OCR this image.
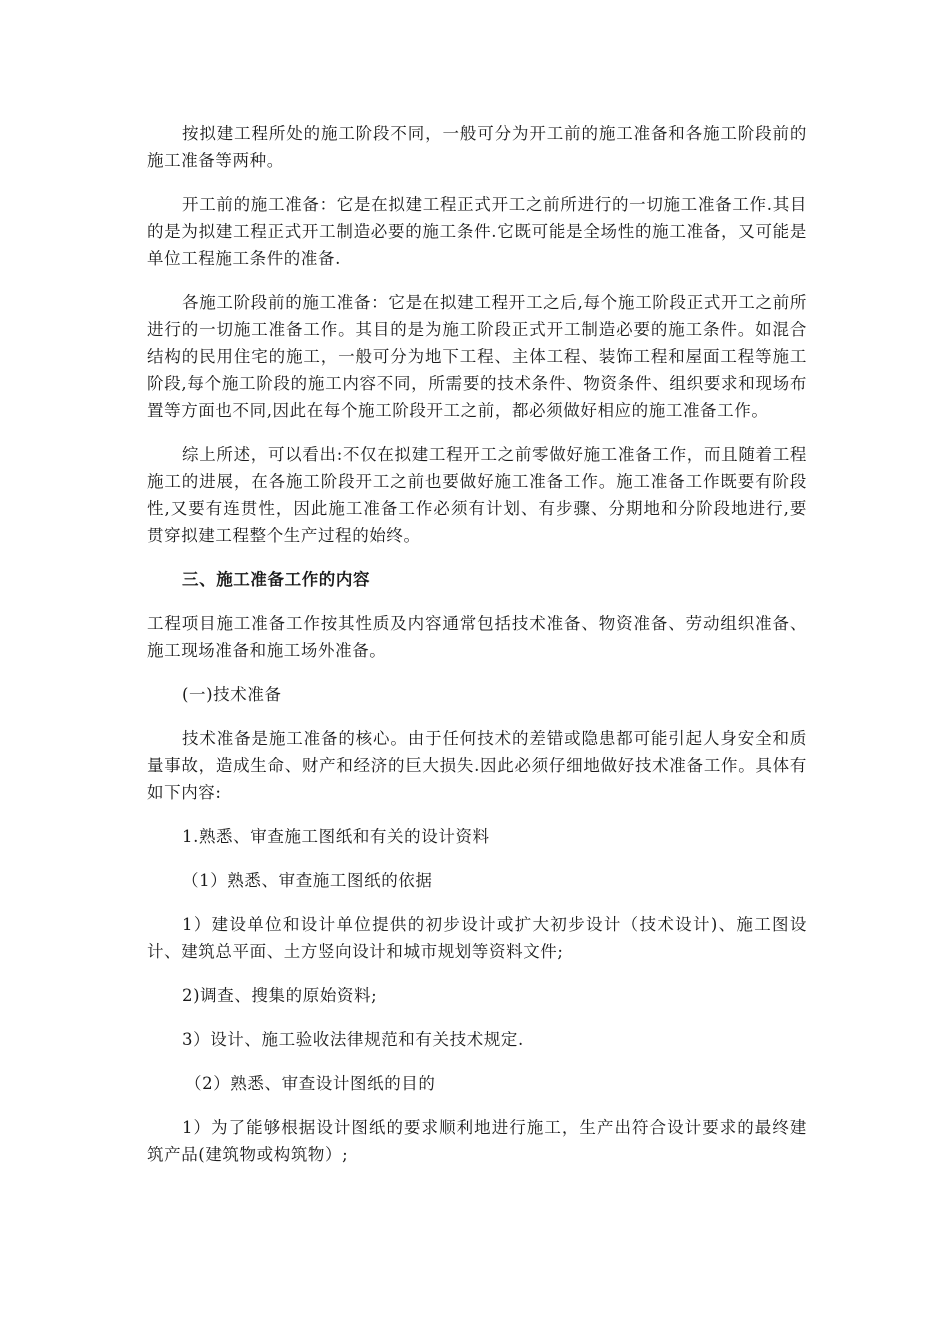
按拟建工程所处的施工阶段不同，一般可分为开工前的施工准备和各施工阶段前的施工准备等两种。

开工前的施工准备：它是在拟建工程正式开工之前所进行的一切施工准备工作.其目的是为拟建工程正式开工制造必要的施工条件.它既可能是全场性的施工准备，又可能是单位工程施工条件的准备.

各施工阶段前的施工准备：它是在拟建工程开工之后,每个施工阶段正式开工之前所进行的一切施工准备工作。其目的是为施工阶段正式开工制造必要的施工条件。如混合结构的民用住宅的施工，一般可分为地下工程、主体工程、装饰工程和屋面工程等施工阶段,每个施工阶段的施工内容不同，所需要的技术条件、物资条件、组织要求和现场布置等方面也不同,因此在每个施工阶段开工之前，都必须做好相应的施工准备工作。

综上所述，可以看出:不仅在拟建工程开工之前零做好施工准备工作，而且随着工程施工的进展，在各施工阶段开工之前也要做好施工准备工作。施工准备工作既要有阶段性,又要有连贯性，因此施工准备工作必须有计划、有步骤、分期地和分阶段地进行,要贯穿拟建工程整个生产过程的始终。

三、施工准备工作的内容

工程项目施工准备工作按其性质及内容通常包括技术准备、物资准备、劳动组织准备、施工现场准备和施工场外准备。

(一)技术准备

技术准备是施工准备的核心。由于任何技术的差错或隐患都可能引起人身安全和质量事故，造成生命、财产和经济的巨大损失.因此必须仔细地做好技术准备工作。具体有如下内容:

1.熟悉、审查施工图纸和有关的设计资料

（1）熟悉、审查施工图纸的依据

1）建设单位和设计单位提供的初步设计或扩大初步设计（技术设计)、施工图设计、建筑总平面、土方竖向设计和城市规划等资料文件;

2)调查、搜集的原始资料;

3）设计、施工验收法律规范和有关技术规定.

（2）熟悉、审查设计图纸的目的

1）为了能够根据设计图纸的要求顺利地进行施工，生产出符合设计要求的最终建筑产品(建筑物或构筑物）;
